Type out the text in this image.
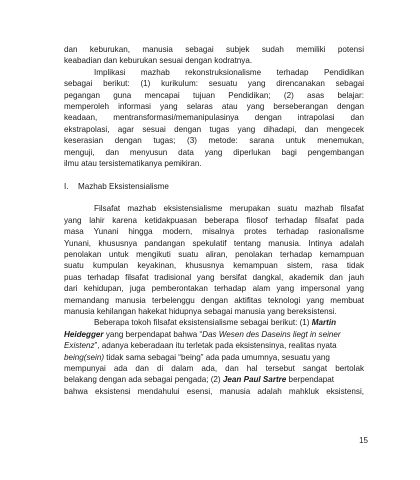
dan keburukan, manusia sebagai subjek sudah memiliki potensi
keabadian dan keburukan sesuai dengan kodratnya.
Implikasi mazhab rekonstruksionalisme terhadap Pendidikan
sebagai berikut: (1) kurikulum: sesuatu yang direncanakan sebagai
pegangan guna mencapai tujuan Pendidikan; (2) asas belajar:
memperoleh informasi yang selaras atau yang berseberangan dengan
keadaan, mentransformasi/memanipulasinya dengan intrapolasi dan
ekstrapolasi, agar sesuai dengan tugas yang dihadapi, dan mengecek
keserasian dengan tugas; (3) metode: sarana untuk menemukan,
menguji, dan menyusun data yang diperlukan bagi pengembangan
ilmu atau tersistematikanya pemikiran.
I. Mazhab Eksistensialisme
Filsafat mazhab eksistensialisme merupakan suatu mazhab filsafat
yang lahir karena ketidakpuasan beberapa filosof terhadap filsafat pada
masa Yunani hingga modern, misalnya protes terhadap rasionalisme
Yunani, khususnya pandangan spekulatif tentang manusia. Intinya adalah
penolakan untuk mengikuti suatu aliran, penolakan terhadap kemampuan
suatu kumpulan keyakinan, khususnya kemampuan sistem, rasa tidak
puas terhadap filsafat tradisional yang bersifat dangkal, akademik dan jauh
dari kehidupan, juga pemberontakan terhadap alam yang impersonal yang
memandang manusia terbelenggu dengan aktifitas teknologi yang membuat
manusia kehilangan hakekat hidupnya sebagai manusia yang bereksistensi.
Beberapa tokoh filsafat eksistensialisme sebagai berikut: (1) Martin
Heidegger yang berpendapat bahwa “Das Wesen des Daseins liegt in seiner
Existenz”, adanya keberadaan itu terletak pada eksistensinya, realitas nyata
being(sein) tidak sama sebagai “being” ada pada umumnya, sesuatu yang
mempunyai ada dan di dalam ada, dan hal tersebut sangat bertolak
belakang dengan ada sebagai pengada; (2) Jean Paul Sartre berpendapat
bahwa eksistensi mendahului esensi, manusia adalah mahkluk eksistensi,
15
